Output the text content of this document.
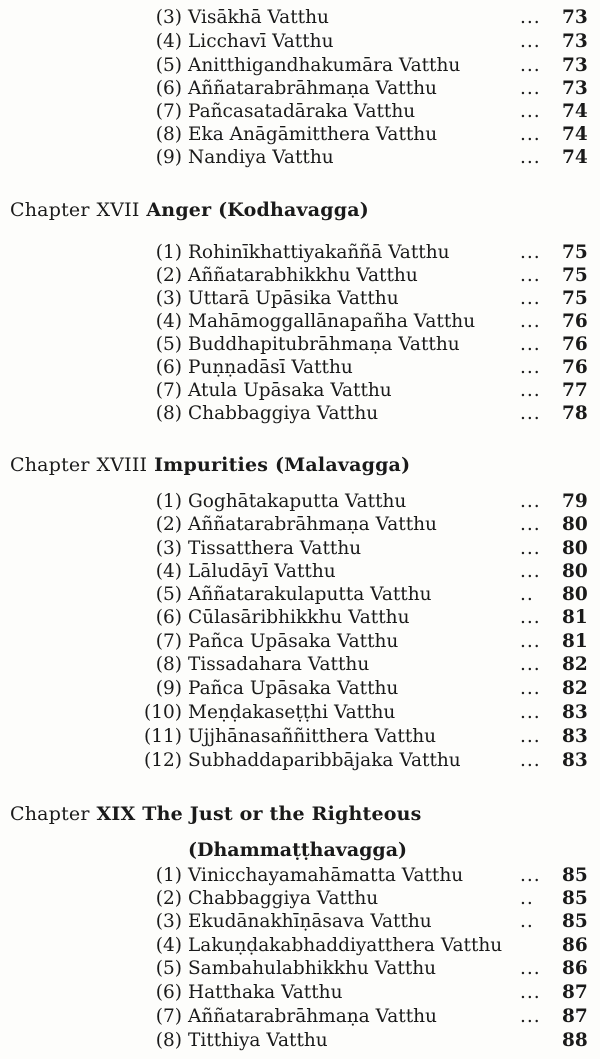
(3) Visākhā Vatthu	... 73
(4) Licchavī Vatthu	... 73
(5) Anitthigandhakumāra Vatthu	... 73
(6) Aññatarabrāhmaṇa Vatthu	... 73
(7) Pañcasatadāraka Vatthu	... 74
(8) Eka Anāgāmitthera Vatthu	... 74
(9) Nandiya Vatthu	... 74
Chapter XVII Anger (Kodhavagga)
(1) Rohinīkhattiyakaññā Vatthu	... 75
(2) Aññatarabhikkhu Vatthu	... 75
(3) Uttarā Upāsika Vatthu	... 75
(4) Mahāmoggallānapañha Vatthu ... 76
(5) Buddhapitubrāhmaṇa Vatthu	... 76
(6) Puṇṇadāsī Vatthu	... 76
(7) Atula Upāsaka Vatthu	... 77
(8) Chabbaggiya Vatthu	... 78
Chapter XVIII Impurities (Malavagga)
(1) Goghātakaputta Vatthu	... 79
(2) Aññatarabrāhmaṇa Vatthu	... 80
(3) Tissatthera Vatthu	... 80
(4) Lāludāyī Vatthu	... 80
(5) Aññatarakulaputta Vatthu	.. 80
(6) Cūlasāribhikkhu Vatthu	... 81
(7) Pañca Upāsaka Vatthu	... 81
(8) Tissadahara Vatthu	... 82
(9) Pañca Upāsaka Vatthu	... 82
(10) Meṇḍakaseṭṭhi Vatthu	... 83
(11) Ujjhānasaññitthera Vatthu	... 83
(12) Subhaddaparibbājaka Vatthu	... 83
Chapter XIX The Just or the Righteous
(Dhammaṭṭhavagga)
(1) Vinicchayamahāmatta Vatthu	... 85
(2) Chabbaggiya Vatthu	.. 85
(3) Ekudānakhīṇāsava Vatthu	.. 85
(4) Lakuṇḍakabhaddiyatthera Vatthu	86
(5) Sambahulabhikkhu Vatthu	... 86
(6) Hatthaka Vatthu	... 87
(7) Aññatarabrāhmaṇa Vatthu	... 87
(8) Titthiya Vatthu	88
